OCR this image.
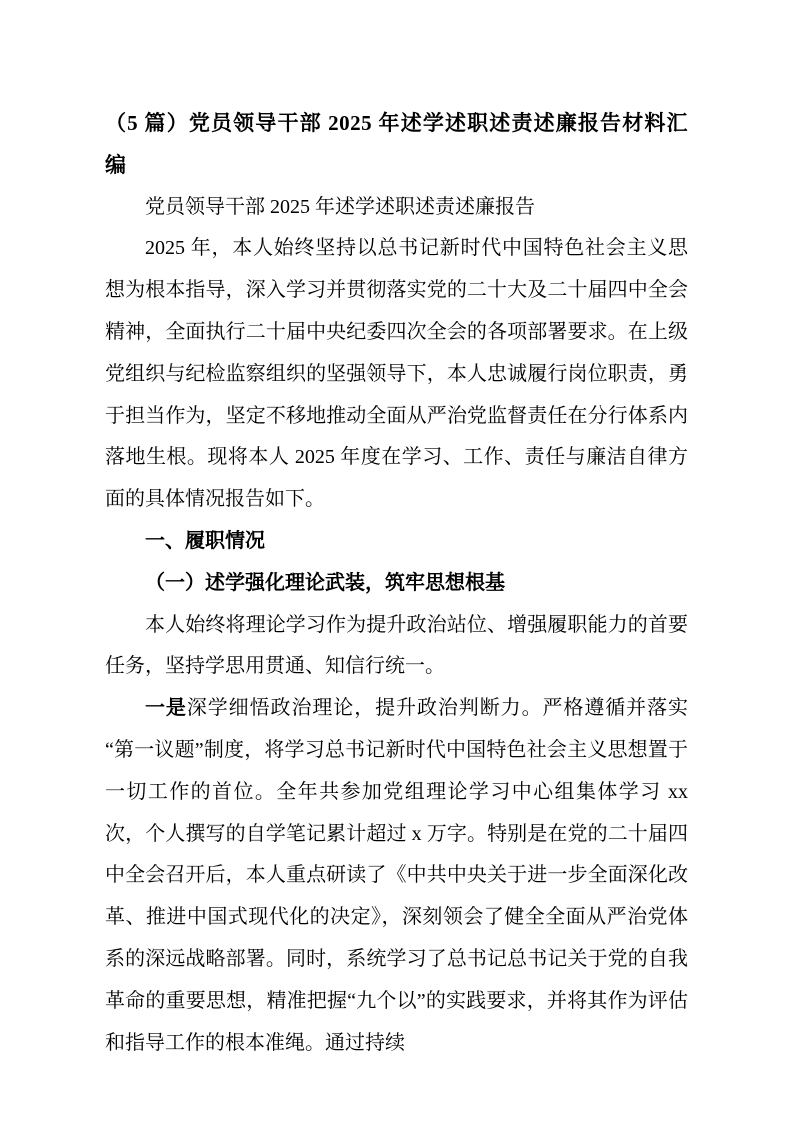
（5 篇）党员领导干部 2025 年述学述职述责述廉报告材料汇编

党员领导干部 2025 年述学述职述责述廉报告

2025 年，本人始终坚持以总书记新时代中国特色社会主义思想为根本指导，深入学习并贯彻落实党的二十大及二十届四中全会精神，全面执行二十届中央纪委四次全会的各项部署要求。在上级党组织与纪检监察组织的坚强领导下，本人忠诚履行岗位职责，勇于担当作为，坚定不移地推动全面从严治党监督责任在分行体系内落地生根。现将本人 2025 年度在学习、工作、责任与廉洁自律方面的具体情况报告如下。

一、履职情况

（一）述学强化理论武装，筑牢思想根基

本人始终将理论学习作为提升政治站位、增强履职能力的首要任务，坚持学思用贯通、知信行统一。

一是深学细悟政治理论，提升政治判断力。严格遵循并落实“第一议题”制度，将学习总书记新时代中国特色社会主义思想置于一切工作的首位。全年共参加党组理论学习中心组集体学习 xx 次，个人撰写的自学笔记累计超过 x 万字。特别是在党的二十届四中全会召开后，本人重点研读了《中共中央关于进一步全面深化改革、推进中国式现代化的决定》，深刻领会了健全全面从严治党体系的深远战略部署。同时，系统学习了总书记总书记关于党的自我革命的重要思想，精准把握“九个以”的实践要求，并将其作为评估和指导工作的根本准绳。通过持续
